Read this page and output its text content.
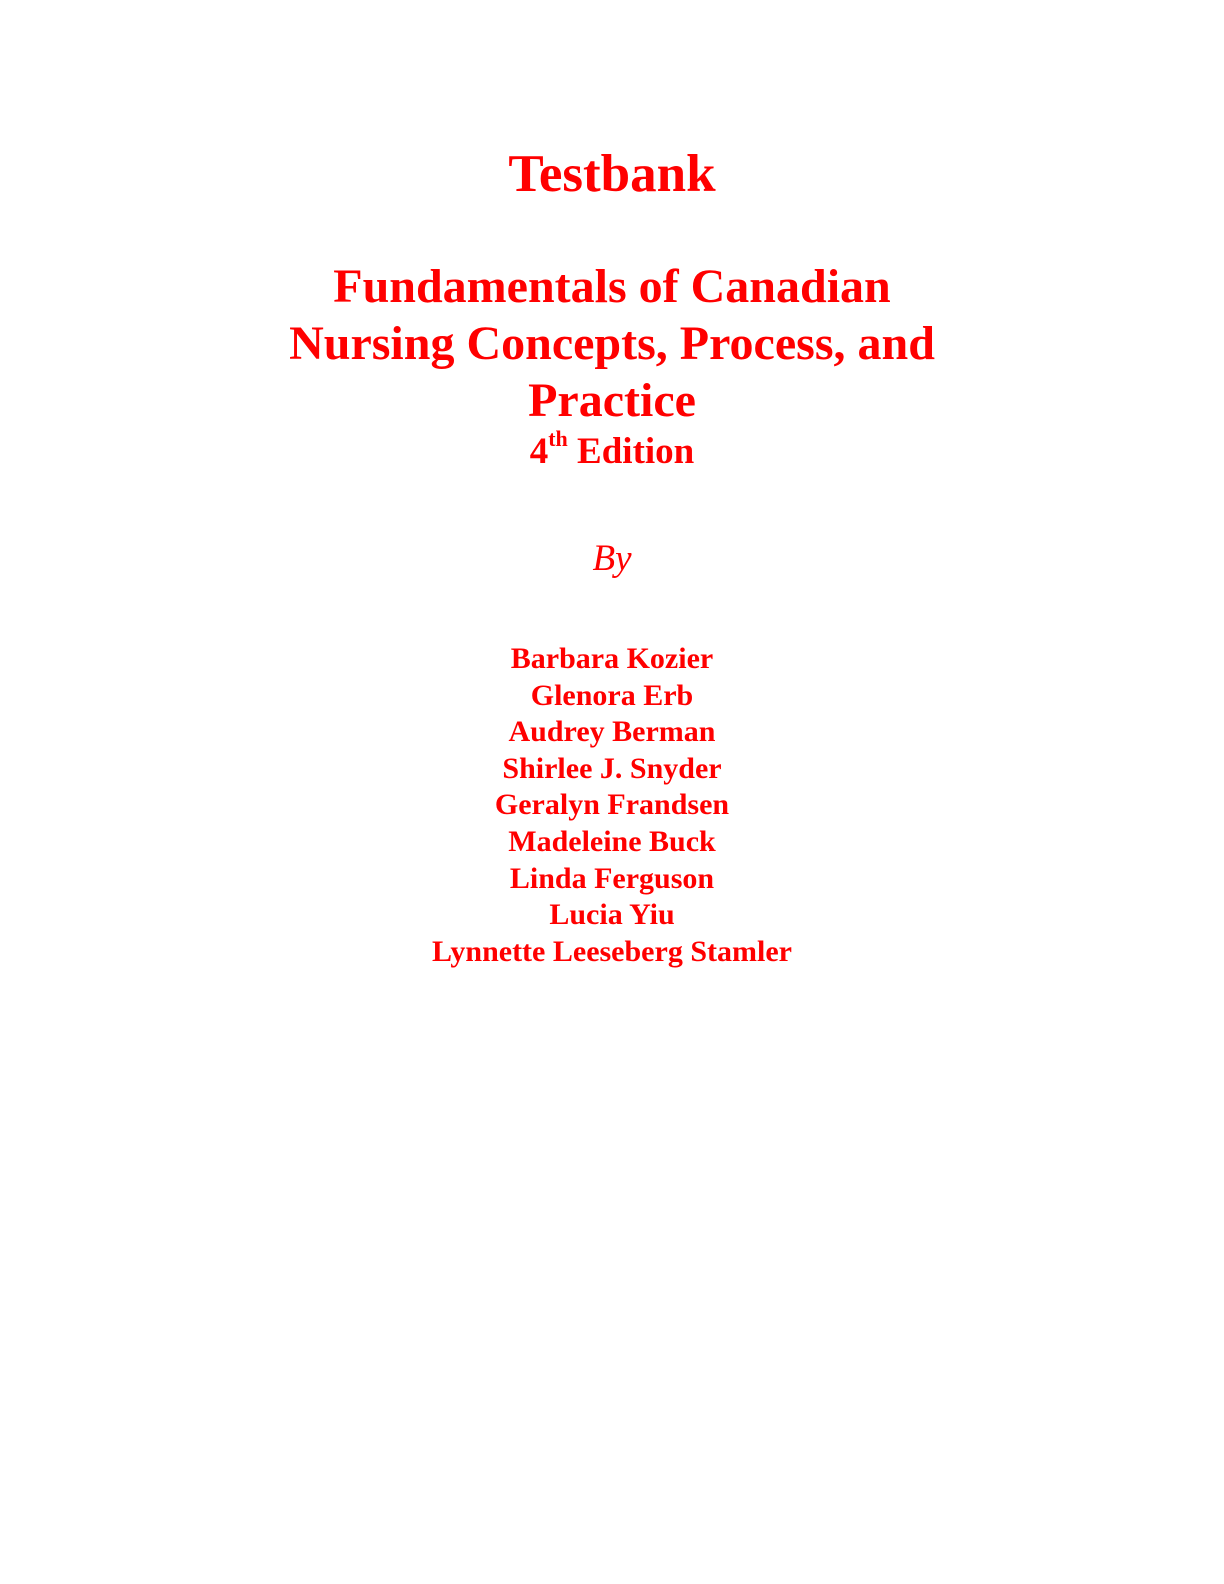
Testbank
Fundamentals of Canadian
Nursing Concepts, Process, and
Practice
4th Edition
By
Barbara Kozier
Glenora Erb
Audrey Berman
Shirlee J. Snyder
Geralyn Frandsen
Madeleine Buck
Linda Ferguson
Lucia Yiu
Lynnette Leeseberg Stamler
